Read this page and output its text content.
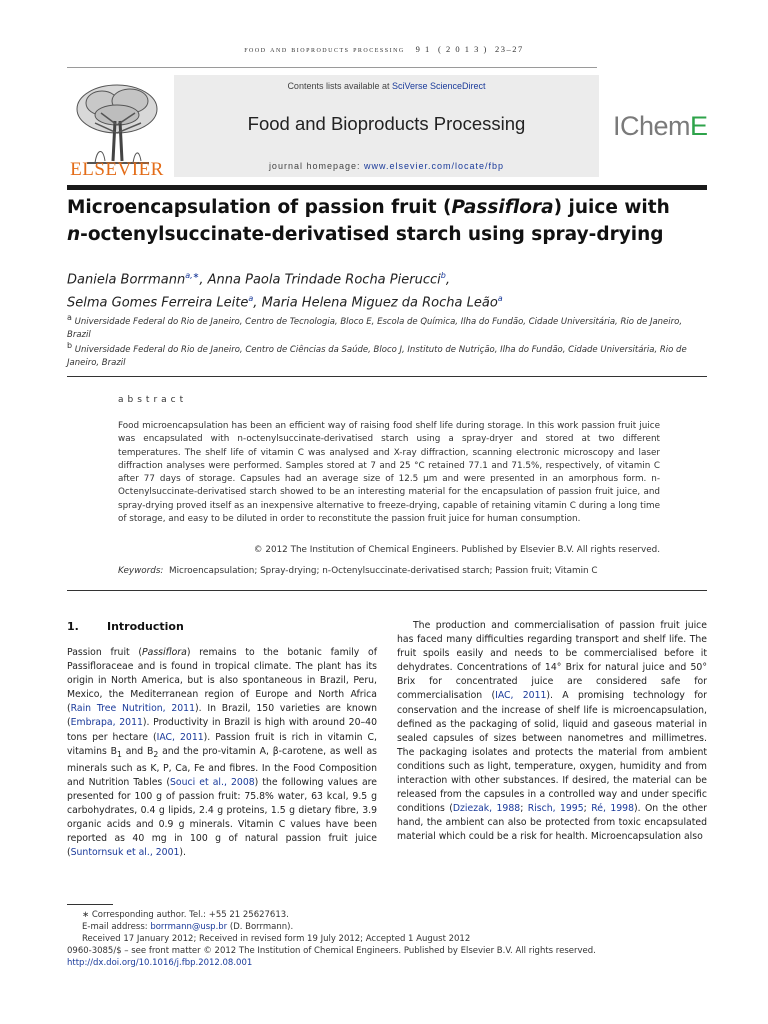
food and bioproducts processing 9 1 ( 2 0 1 3 ) 23–27
ELSEVIER
Contents lists available at SciVerse ScienceDirect
Food and Bioproducts Processing
journal homepage: www.elsevier.com/locate/fbp
IChemE
Microencapsulation of passion fruit (Passiflora) juice with
n-octenylsuccinate-derivatised starch using spray-drying
Daniela Borrmann$^{a,∗}$, Anna Paola Trindade Rocha Pierucci$^b$,
Selma Gomes Ferreira Leite$^a$, Maria Helena Miguez da Rocha Leão$^a$
$^a$ Universidade Federal do Rio de Janeiro, Centro de Tecnologia, Bloco E, Escola de Química, Ilha do Fundão, Cidade Universitária, Rio de Janeiro, Brazil
$^b$ Universidade Federal do Rio de Janeiro, Centro de Ciências da Saúde, Bloco J, Instituto de Nutrição, Ilha do Fundão, Cidade Universitária, Rio de Janeiro, Brazil
abstract
Food microencapsulation has been an efficient way of raising food shelf life during storage. In this work passion fruit juice was encapsulated with n-octenylsuccinate-derivatised starch using a spray-dryer and stored at two different temperatures. The shelf life of vitamin C was analysed and X-ray diffraction, scanning electronic microscopy and laser diffraction analyses were performed. Samples stored at 7 and 25 °C retained 77.1 and 71.5%, respectively, of vitamin C after 77 days of storage. Capsules had an average size of 12.5 μm and were presented in an amorphous form. n-Octenylsuccinate-derivatised starch showed to be an interesting material for the encapsulation of passion fruit juice, and spray-drying proved itself as an inexpensive alternative to freeze-drying, capable of retaining vitamin C during a long time of storage, and easy to be diluted in order to reconstitute the passion fruit juice for human consumption.
© 2012 The Institution of Chemical Engineers. Published by Elsevier B.V. All rights reserved.
Keywords: Microencapsulation; Spray-drying; n-Octenylsuccinate-derivatised starch; Passion fruit; Vitamin C
1.	Introduction
Passion fruit (Passiflora) remains to the botanic family of Passifloraceae and is found in tropical climate. The plant has its origin in North America, but is also spontaneous in Brazil, Peru, Mexico, the Mediterranean region of Europe and North Africa (Rain Tree Nutrition, 2011). In Brazil, 150 varieties are known (Embrapa, 2011). Productivity in Brazil is high with around 20–40 tons per hectare (IAC, 2011). Passion fruit is rich in vitamin C, vitamins $B_1$ and $B_2$ and the pro-vitamin A, β-carotene, as well as minerals such as K, P, Ca, Fe and fibres. In the Food Composition and Nutrition Tables (Souci et al., 2008) the following values are presented for 100 g of passion fruit: 75.8% water, 63 kcal, 9.5 g carbohydrates, 0.4 g lipids, 2.4 g proteins, 1.5 g dietary fibre, 3.9 organic acids and 0.9 g minerals. Vitamin C values have been reported as 40 mg in 100 g of natural passion fruit juice (Suntornsuk et al., 2001).
The production and commercialisation of passion fruit juice has faced many difficulties regarding transport and shelf life. The fruit spoils easily and needs to be commercialised before it dehydrates. Concentrations of 14° Brix for natural juice and 50° Brix for concentrated juice are considered safe for commercialisation (IAC, 2011). A promising technology for conservation and the increase of shelf life is microencapsulation, defined as the packaging of solid, liquid and gaseous material in sealed capsules of sizes between nanometres and millimetres. The packaging isolates and protects the material from ambient conditions such as light, temperature, oxygen, humidity and from interaction with other substances. If desired, the material can be released from the capsules in a controlled way and under specific conditions (Dziezak, 1988; Risch, 1995; Ré, 1998). On the other hand, the ambient can also be protected from toxic encapsulated material which could be a risk for health. Microencapsulation also
∗ Corresponding author. Tel.: +55 21 25627613.
E-mail address: borrmann@usp.br (D. Borrmann).
Received 17 January 2012; Received in revised form 19 July 2012; Accepted 1 August 2012
0960-3085/$ – see front matter © 2012 The Institution of Chemical Engineers. Published by Elsevier B.V. All rights reserved.
http://dx.doi.org/10.1016/j.fbp.2012.08.001
